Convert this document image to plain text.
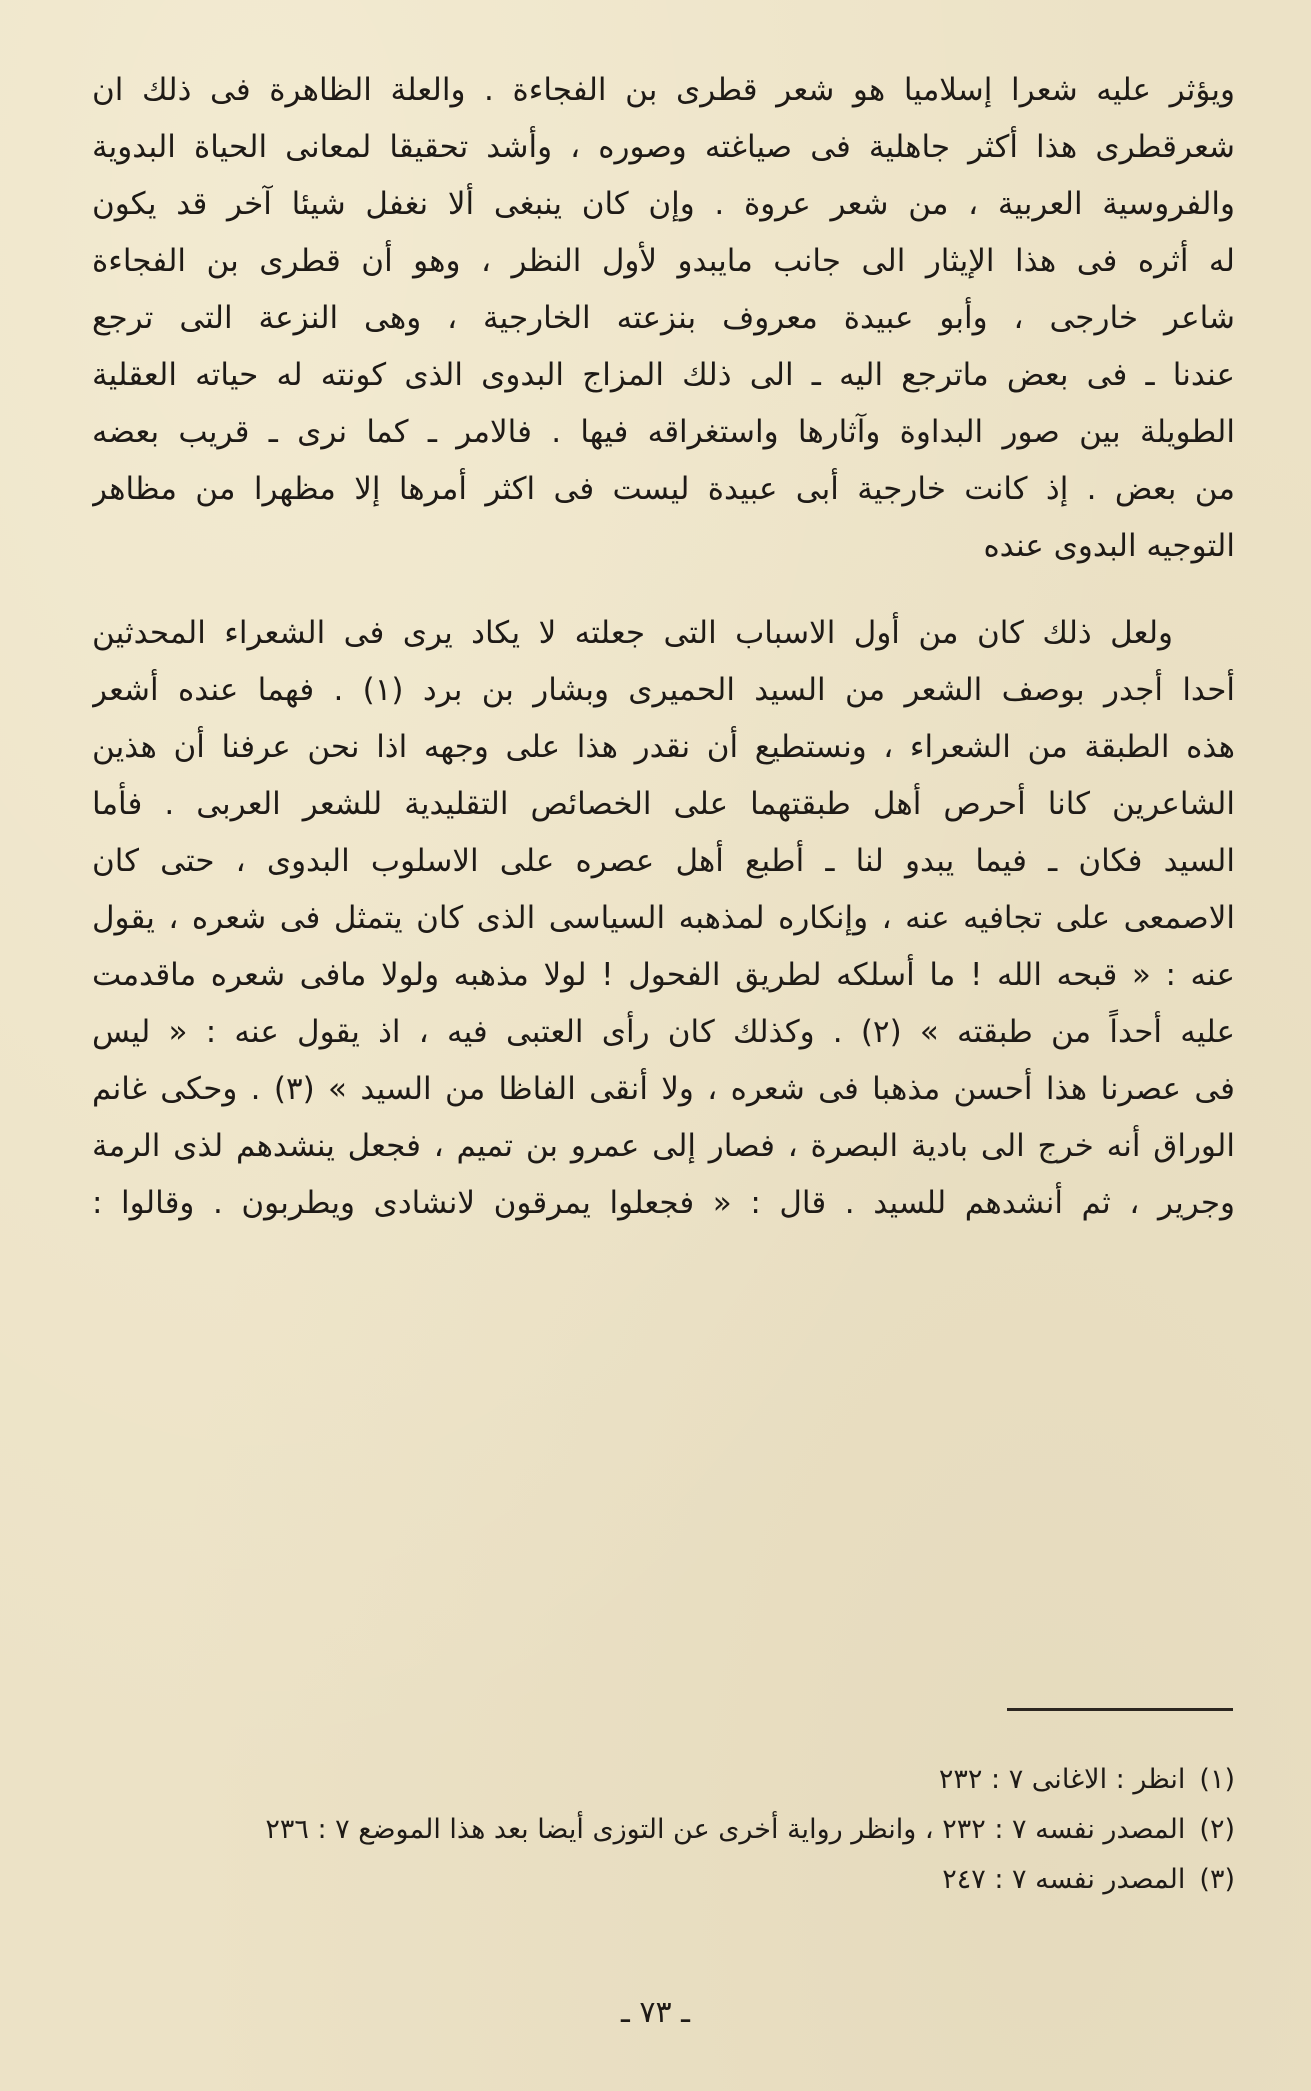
ويؤثر عليه شعرا إسلاميا هو شعر قطرى بن الفجاءة . والعلة الظاهرة فى ذلك ان
شعرقطرى هذا أكثر جاهلية فى صياغته وصوره ، وأشد تحقيقا لمعانى الحياة البدوية
والفروسية العربية ، من شعر عروة . وإن كان ينبغى ألا نغفل شيئا آخر قد يكون
له أثره فى هذا الإيثار الى جانب مايبدو لأول النظر ، وهو أن قطرى بن الفجاءة
شاعر خارجى ، وأبو عبيدة معروف بنزعته الخارجية ، وهى النزعة التى ترجع
عندنا ـ فى بعض ماترجع اليه ـ الى ذلك المزاج البدوى الذى كونته له حياته العقلية
الطويلة بين صور البداوة وآثارها واستغراقه فيها . فالامر ـ كما نرى ـ قريب بعضه
من بعض . إذ كانت خارجية أبى عبيدة ليست فى اكثر أمرها إلا مظهرا من مظاهر
التوجيه البدوى عنده
ولعل ذلك كان من أول الاسباب التى جعلته لا يكاد يرى فى الشعراء المحدثين
أحدا أجدر بوصف الشعر من السيد الحميرى وبشار بن برد (١) . فهما عنده أشعر
هذه الطبقة من الشعراء ، ونستطيع أن نقدر هذا على وجهه اذا نحن عرفنا أن هذين
الشاعرين كانا أحرص أهل طبقتهما على الخصائص التقليدية للشعر العربى . فأما
السيد فكان ـ فيما يبدو لنا ـ أطبع أهل عصره على الاسلوب البدوى ، حتى كان
الاصمعى على تجافيه عنه ، وإنكاره لمذهبه السياسى الذى كان يتمثل فى شعره ، يقول
عنه : « قبحه الله ! ما أسلكه لطريق الفحول ! لولا مذهبه ولولا مافى شعره ماقدمت
عليه أحداً من طبقته » (٢) . وكذلك كان رأى العتبى فيه ، اذ يقول عنه : « ليس
فى عصرنا هذا أحسن مذهبا فى شعره ، ولا أنقى الفاظا من السيد » (٣) . وحكى غانم
الوراق أنه خرج الى بادية البصرة ، فصار إلى عمرو بن تميم ، فجعل ينشدهم لذى الرمة
وجرير ، ثم أنشدهم للسيد . قال : « فجعلوا يمرقون لانشادى ويطربون . وقالوا :
(١)انظر : الاغانى ٧ : ٢٣٢
(٢)المصدر نفسه ٧ : ٢٣٢ ، وانظر رواية أخرى عن التوزى أيضا بعد هذا الموضع ٧ : ٢٣٦
(٣)المصدر نفسه ٧ : ٢٤٧
ـ ٧٣ ـ
